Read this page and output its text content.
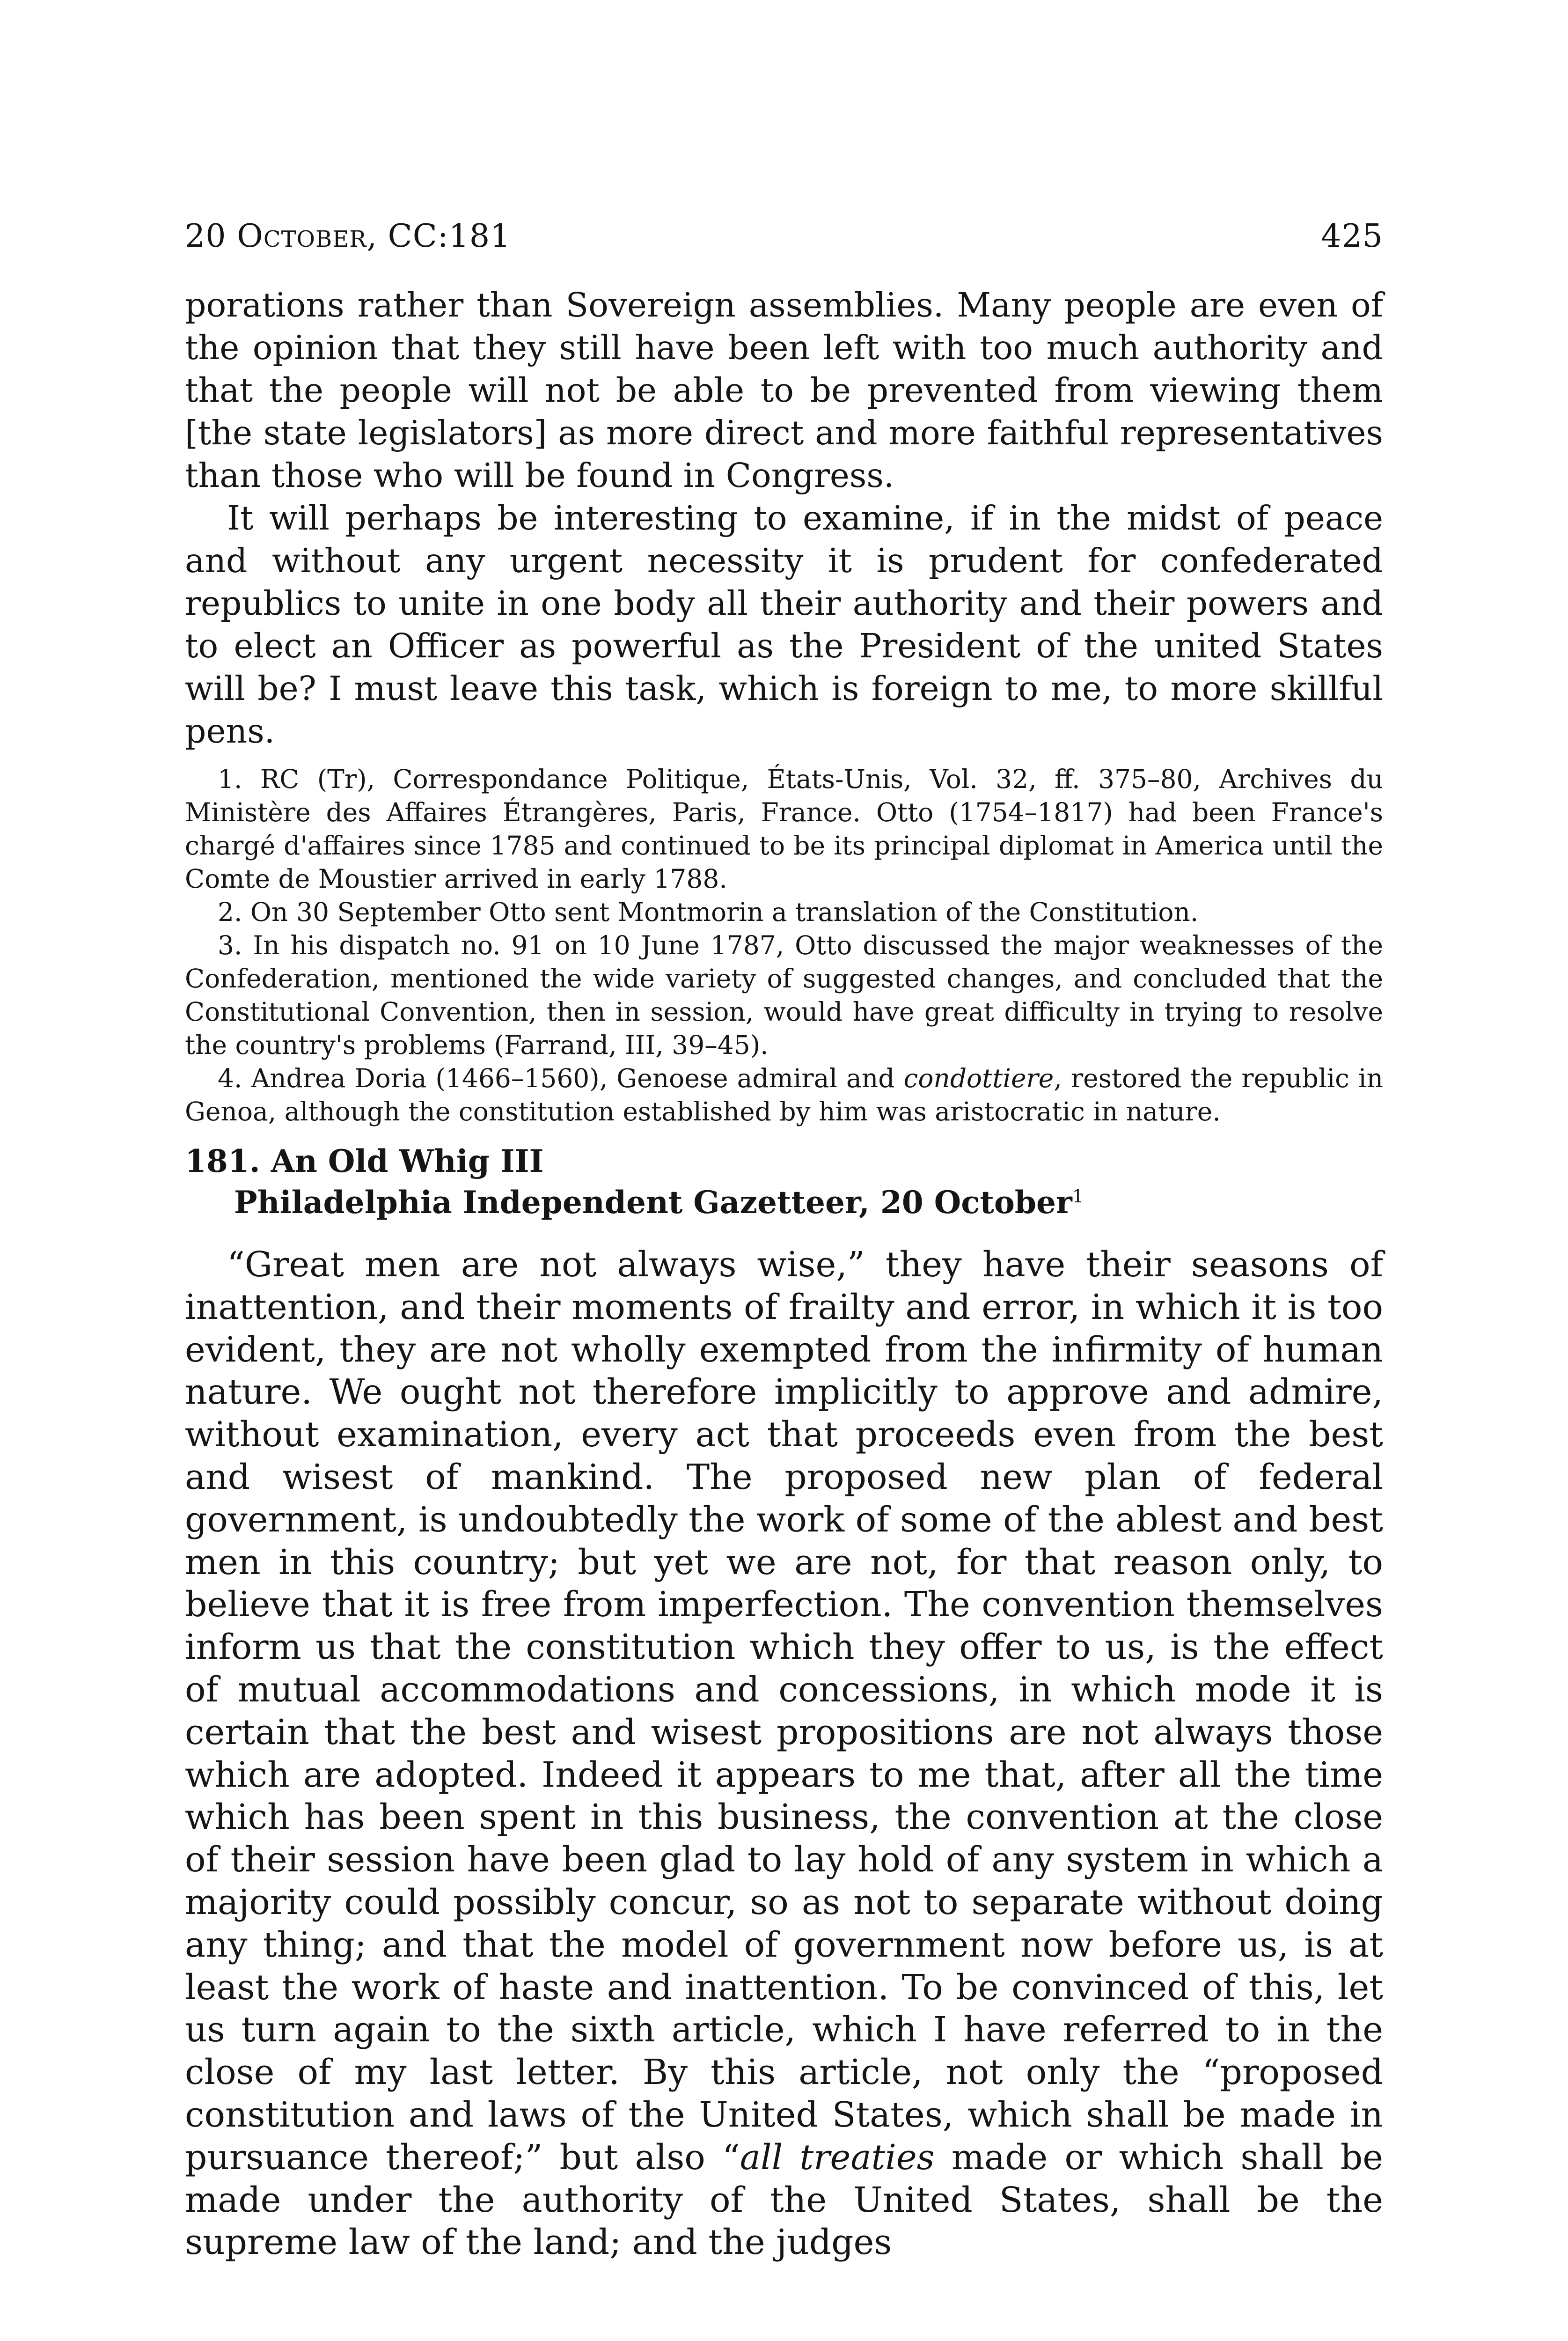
20 October, CC:181	425

porations rather than Sovereign assemblies. Many people are even of the opinion that they still have been left with too much authority and that the people will not be able to be prevented from viewing them [the state legislators] as more direct and more faithful representatives than those who will be found in Congress.

It will perhaps be interesting to examine, if in the midst of peace and without any urgent necessity it is prudent for confederated republics to unite in one body all their authority and their powers and to elect an Officer as powerful as the President of the united States will be? I must leave this task, which is foreign to me, to more skillful pens.

1. RC (Tr), Correspondance Politique, États-Unis, Vol. 32, ff. 375–80, Archives du Ministère des Affaires Étrangères, Paris, France. Otto (1754–1817) had been France's chargé d'affaires since 1785 and continued to be its principal diplomat in America until the Comte de Moustier arrived in early 1788.

2. On 30 September Otto sent Montmorin a translation of the Constitution.

3. In his dispatch no. 91 on 10 June 1787, Otto discussed the major weaknesses of the Confederation, mentioned the wide variety of suggested changes, and concluded that the Constitutional Convention, then in session, would have great difficulty in trying to resolve the country's problems (Farrand, III, 39–45).

4. Andrea Doria (1466–1560), Genoese admiral and condottiere, restored the republic in Genoa, although the constitution established by him was aristocratic in nature.

181. An Old Whig III
Philadelphia Independent Gazetteer, 20 October$^1$

“Great men are not always wise,” they have their seasons of inattention, and their moments of frailty and error, in which it is too evident, they are not wholly exempted from the infirmity of human nature. We ought not therefore implicitly to approve and admire, without examination, every act that proceeds even from the best and wisest of mankind. The proposed new plan of federal government, is undoubtedly the work of some of the ablest and best men in this country; but yet we are not, for that reason only, to believe that it is free from imperfection. The convention themselves inform us that the constitution which they offer to us, is the effect of mutual accommodations and concessions, in which mode it is certain that the best and wisest propositions are not always those which are adopted. Indeed it appears to me that, after all the time which has been spent in this business, the convention at the close of their session have been glad to lay hold of any system in which a majority could possibly concur, so as not to separate without doing any thing; and that the model of government now before us, is at least the work of haste and inattention. To be convinced of this, let us turn again to the sixth article, which I have referred to in the close of my last letter. By this article, not only the “proposed constitution and laws of the United States, which shall be made in pursuance thereof;” but also “all treaties made or which shall be made under the authority of the United States, shall be the supreme law of the land; and the judges
